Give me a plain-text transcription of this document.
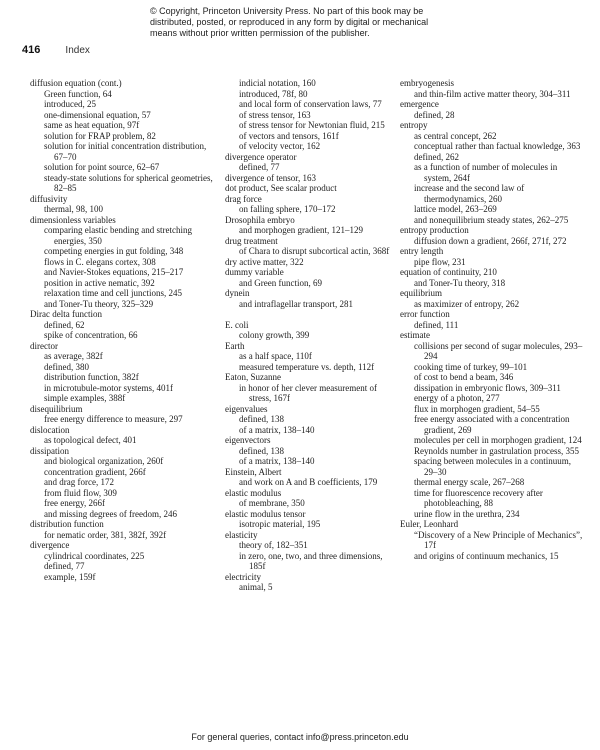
© Copyright, Princeton University Press. No part of this book may be
distributed, posted, or reproduced in any form by digital or mechanical
means without prior written permission of the publisher.
416	Index
diffusion equation (cont.)
Green function, 64
introduced, 25
one-dimensional equation, 57
same as heat equation, 97f
solution for FRAP problem, 82
solution for initial concentration distribution, 67–70
solution for point source, 62–67
steady-state solutions for spherical geometries, 82–85
diffusivity
thermal, 98, 100
dimensionless variables
comparing elastic bending and stretching energies, 350
competing energies in gut folding, 348
flows in C. elegans cortex, 308
and Navier-Stokes equations, 215–217
position in active nematic, 392
relaxation time and cell junctions, 245
and Toner-Tu theory, 325–329
Dirac delta function
defined, 62
spike of concentration, 66
director
as average, 382f
defined, 380
distribution function, 382f
in microtubule-motor systems, 401f
simple examples, 388f
disequilibrium
free energy difference to measure, 297
dislocation
as topological defect, 401
dissipation
and biological organization, 260f
concentration gradient, 266f
and drag force, 172
from fluid flow, 309
free energy, 266f
and missing degrees of freedom, 246
distribution function
for nematic order, 381, 382f, 392f
divergence
cylindrical coordinates, 225
defined, 77
example, 159f
indicial notation, 160
introduced, 78f, 80
and local form of conservation laws, 77
of stress tensor, 163
of stress tensor for Newtonian fluid, 215
of vectors and tensors, 161f
of velocity vector, 162
divergence operator
defined, 77
divergence of tensor, 163
dot product, See scalar product
drag force
on falling sphere, 170–172
Drosophila embryo
and morphogen gradient, 121–129
drug treatment
of Chara to disrupt subcortical actin, 368f
dry active matter, 322
dummy variable
and Green function, 69
dynein
and intraflagellar transport, 281
E. coli
colony growth, 399
Earth
as a half space, 110f
measured temperature vs. depth, 112f
Eaton, Suzanne
in honor of her clever measurement of stress, 167f
eigenvalues
defined, 138
of a matrix, 138–140
eigenvectors
defined, 138
of a matrix, 138–140
Einstein, Albert
and work on A and B coefficients, 179
elastic modulus
of membrane, 350
elastic modulus tensor
isotropic material, 195
elasticity
theory of, 182–351
in zero, one, two, and three dimensions, 185f
electricity
animal, 5
embryogenesis
and thin-film active matter theory, 304–311
emergence
defined, 28
entropy
as central concept, 262
conceptual rather than factual knowledge, 363
defined, 262
as a function of number of molecules in system, 264f
increase and the second law of thermodynamics, 260
lattice model, 263–269
and nonequilibrium steady states, 262–275
entropy production
diffusion down a gradient, 266f, 271f, 272
entry length
pipe flow, 231
equation of continuity, 210
and Toner-Tu theory, 318
equilibrium
as maximizer of entropy, 262
error function
defined, 111
estimate
collisions per second of sugar molecules, 293–294
cooking time of turkey, 99–101
of cost to bend a beam, 346
dissipation in embryonic flows, 309–311
energy of a photon, 277
flux in morphogen gradient, 54–55
free energy associated with a concentration gradient, 269
molecules per cell in morphogen gradient, 124
Reynolds number in gastrulation process, 355
spacing between molecules in a continuum, 29–30
thermal energy scale, 267–268
time for fluorescence recovery after photobleaching, 88
urine flow in the urethra, 234
Euler, Leonhard
“Discovery of a New Principle of Mechanics”, 17f
and origins of continuum mechanics, 15
For general queries, contact info@press.princeton.edu
